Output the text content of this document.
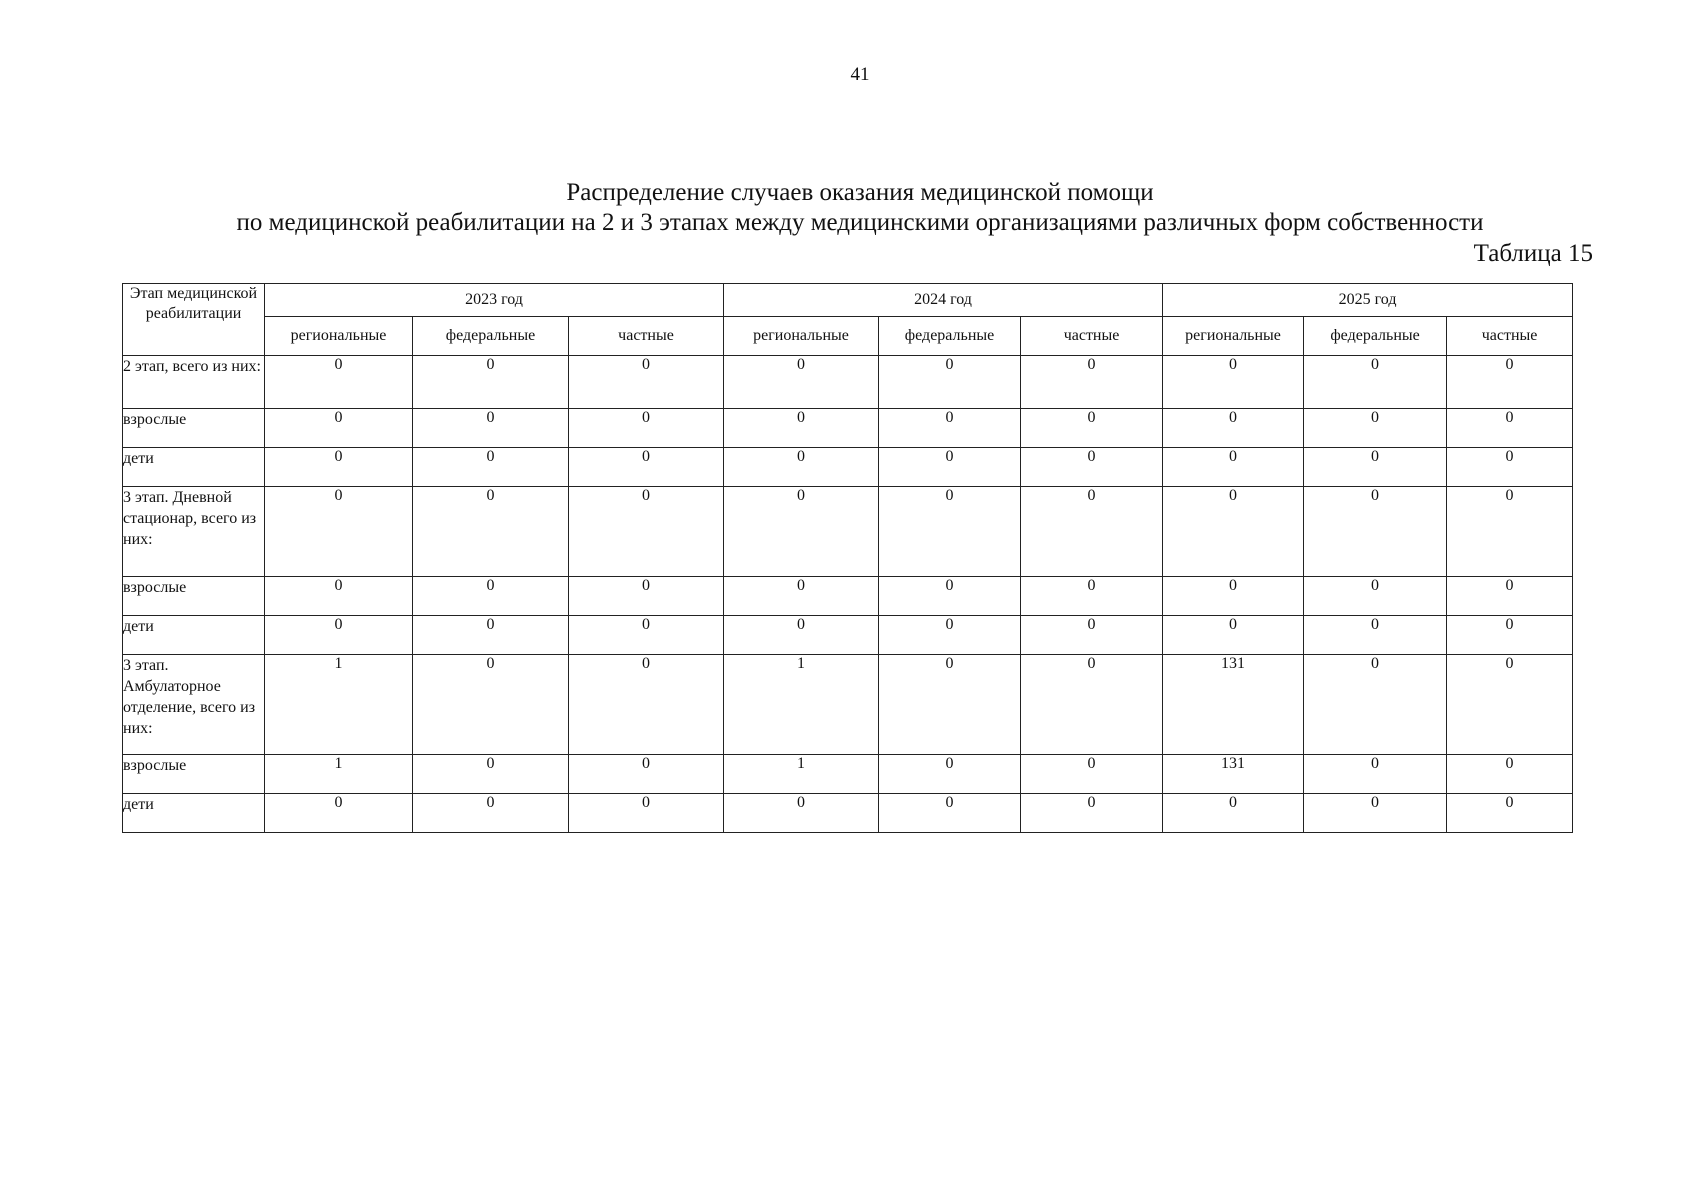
41
Распределение случаев оказания медицинской помощи
по медицинской реабилитации на 2 и 3 этапах между медицинскими организациями различных форм собственности
Таблица 15
Этап медицинской реабилитации	2023 год			2024 год			2025 год		
	региональные	федеральные	частные	региональные	федеральные	частные	региональные	федеральные	частные
2 этап, всего из них:	0	0	0	0	0	0	0	0	0
взрослые	0	0	0	0	0	0	0	0	0
дети	0	0	0	0	0	0	0	0	0
3 этап. Дневной стационар, всего из них:	0	0	0	0	0	0	0	0	0
взрослые	0	0	0	0	0	0	0	0	0
дети	0	0	0	0	0	0	0	0	0
3 этап. Амбулаторное отделение, всего из них:	1	0	0	1	0	0	131	0	0
взрослые	1	0	0	1	0	0	131	0	0
дети	0	0	0	0	0	0	0	0	0
